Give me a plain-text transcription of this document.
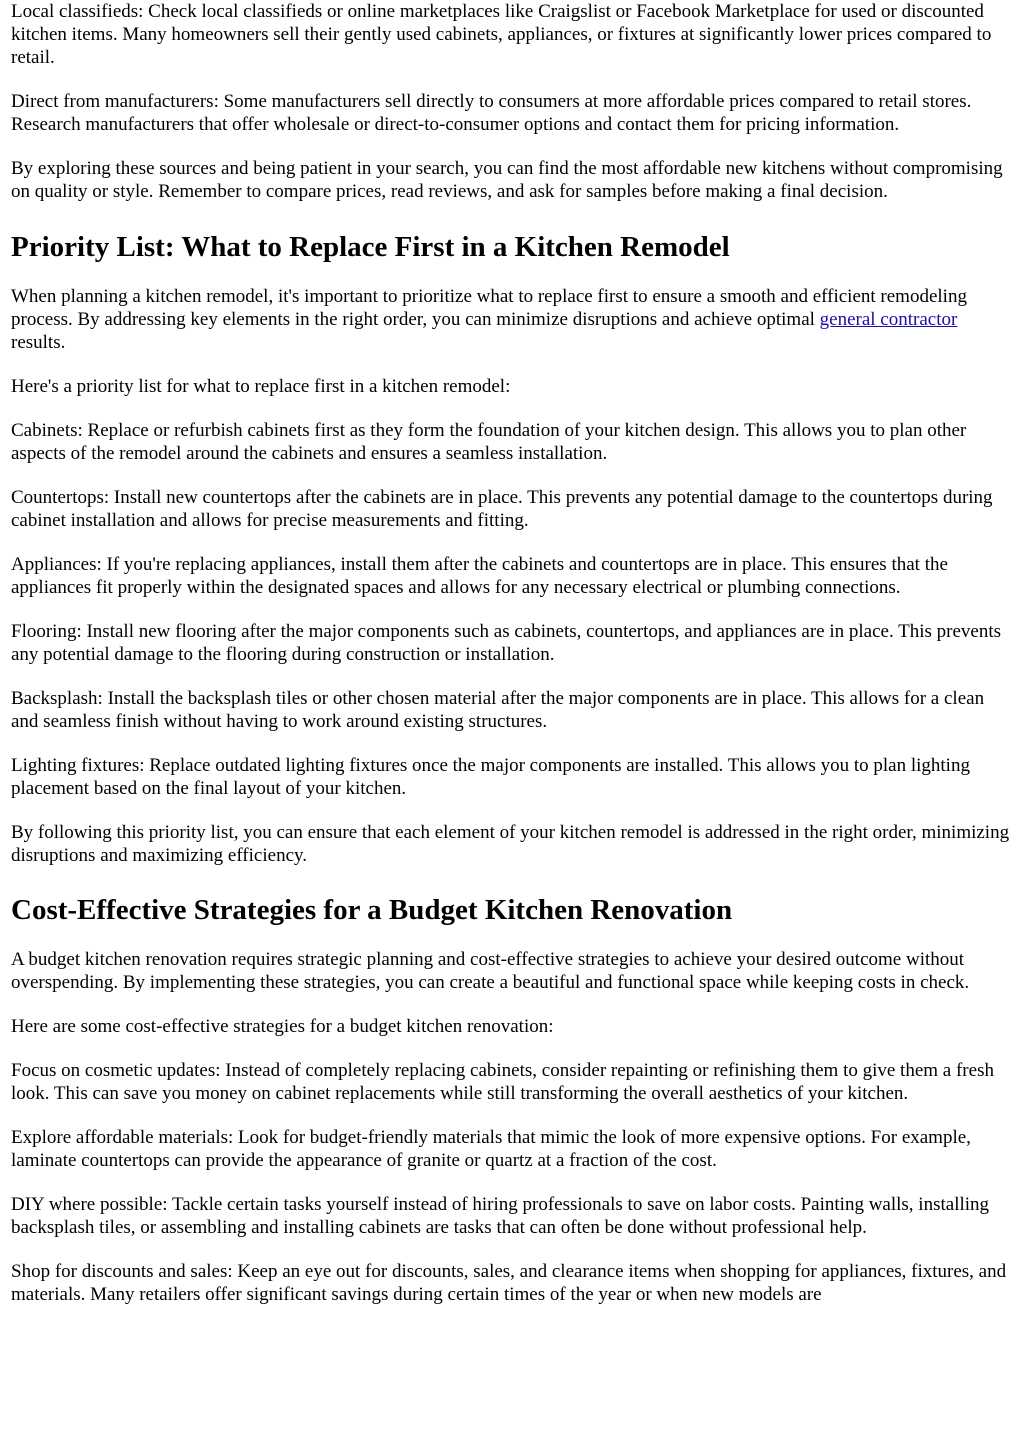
Local classifieds: Check local classifieds or online marketplaces like Craigslist or Facebook Marketplace for used or discounted kitchen items. Many homeowners sell their gently used cabinets, appliances, or fixtures at significantly lower prices compared to retail.

Direct from manufacturers: Some manufacturers sell directly to consumers at more affordable prices compared to retail stores. Research manufacturers that offer wholesale or direct-to-consumer options and contact them for pricing information.

By exploring these sources and being patient in your search, you can find the most affordable new kitchens without compromising on quality or style. Remember to compare prices, read reviews, and ask for samples before making a final decision.

Priority List: What to Replace First in a Kitchen Remodel

When planning a kitchen remodel, it's important to prioritize what to replace first to ensure a smooth and efficient remodeling process. By addressing key elements in the right order, you can minimize disruptions and achieve optimal general contractor results.

Here's a priority list for what to replace first in a kitchen remodel:

Cabinets: Replace or refurbish cabinets first as they form the foundation of your kitchen design. This allows you to plan other aspects of the remodel around the cabinets and ensures a seamless installation.

Countertops: Install new countertops after the cabinets are in place. This prevents any potential damage to the countertops during cabinet installation and allows for precise measurements and fitting.

Appliances: If you're replacing appliances, install them after the cabinets and countertops are in place. This ensures that the appliances fit properly within the designated spaces and allows for any necessary electrical or plumbing connections.

Flooring: Install new flooring after the major components such as cabinets, countertops, and appliances are in place. This prevents any potential damage to the flooring during construction or installation.

Backsplash: Install the backsplash tiles or other chosen material after the major components are in place. This allows for a clean and seamless finish without having to work around existing structures.

Lighting fixtures: Replace outdated lighting fixtures once the major components are installed. This allows you to plan lighting placement based on the final layout of your kitchen.

By following this priority list, you can ensure that each element of your kitchen remodel is addressed in the right order, minimizing disruptions and maximizing efficiency.

Cost-Effective Strategies for a Budget Kitchen Renovation

A budget kitchen renovation requires strategic planning and cost-effective strategies to achieve your desired outcome without overspending. By implementing these strategies, you can create a beautiful and functional space while keeping costs in check.

Here are some cost-effective strategies for a budget kitchen renovation:

Focus on cosmetic updates: Instead of completely replacing cabinets, consider repainting or refinishing them to give them a fresh look. This can save you money on cabinet replacements while still transforming the overall aesthetics of your kitchen.

Explore affordable materials: Look for budget-friendly materials that mimic the look of more expensive options. For example, laminate countertops can provide the appearance of granite or quartz at a fraction of the cost.

DIY where possible: Tackle certain tasks yourself instead of hiring professionals to save on labor costs. Painting walls, installing backsplash tiles, or assembling and installing cabinets are tasks that can often be done without professional help.

Shop for discounts and sales: Keep an eye out for discounts, sales, and clearance items when shopping for appliances, fixtures, and materials. Many retailers offer significant savings during certain times of the year or when new models are
